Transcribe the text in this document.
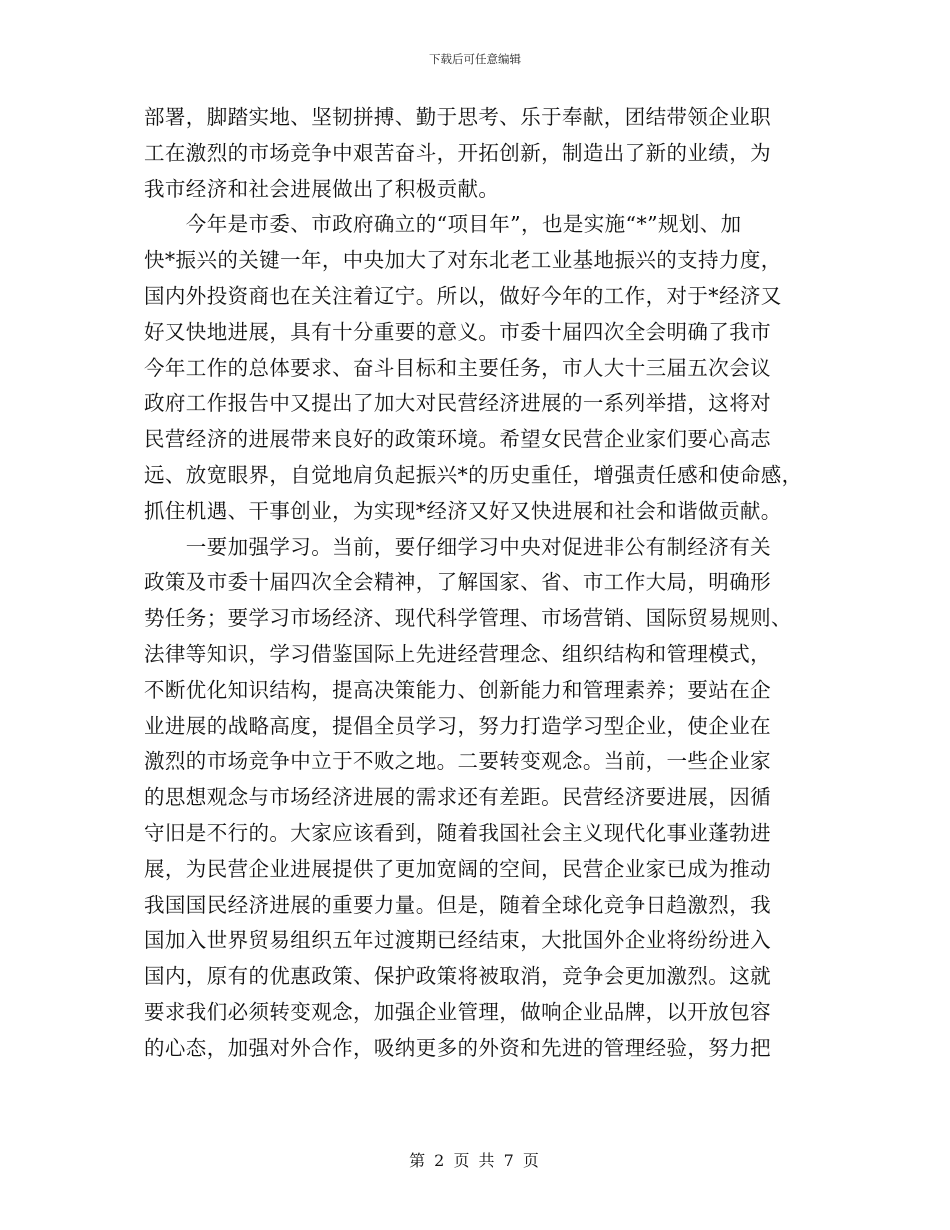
下载后可任意编辑
部署，脚踏实地、坚韧拼搏、勤于思考、乐于奉献，团结带领企业职
工在激烈的市场竞争中艰苦奋斗，开拓创新，制造出了新的业绩，为
我市经济和社会进展做出了积极贡献。
　　今年是市委、市政府确立的“项目年”，也是实施“*”规划、加
快*振兴的关键一年，中央加大了对东北老工业基地振兴的支持力度，
国内外投资商也在关注着辽宁。所以，做好今年的工作，对于*经济又
好又快地进展，具有十分重要的意义。市委十届四次全会明确了我市
今年工作的总体要求、奋斗目标和主要任务，市人大十三届五次会议
政府工作报告中又提出了加大对民营经济进展的一系列举措，这将对
民营经济的进展带来良好的政策环境。希望女民营企业家们要心高志
远、放宽眼界，自觉地肩负起振兴*的历史重任，增强责任感和使命感，
抓住机遇、干事创业，为实现*经济又好又快进展和社会和谐做贡献。
　　一要加强学习。当前，要仔细学习中央对促进非公有制经济有关
政策及市委十届四次全会精神，了解国家、省、市工作大局，明确形
势任务；要学习市场经济、现代科学管理、市场营销、国际贸易规则、
法律等知识，学习借鉴国际上先进经营理念、组织结构和管理模式，
不断优化知识结构，提高决策能力、创新能力和管理素养；要站在企
业进展的战略高度，提倡全员学习，努力打造学习型企业，使企业在
激烈的市场竞争中立于不败之地。二要转变观念。当前，一些企业家
的思想观念与市场经济进展的需求还有差距。民营经济要进展，因循
守旧是不行的。大家应该看到，随着我国社会主义现代化事业蓬勃进
展，为民营企业进展提供了更加宽阔的空间，民营企业家已成为推动
我国国民经济进展的重要力量。但是，随着全球化竞争日趋激烈，我
国加入世界贸易组织五年过渡期已经结束，大批国外企业将纷纷进入
国内，原有的优惠政策、保护政策将被取消，竞争会更加激烈。这就
要求我们必须转变观念，加强企业管理，做响企业品牌，以开放包容
的心态，加强对外合作，吸纳更多的外资和先进的管理经验，努力把
第 2 页 共 7 页
